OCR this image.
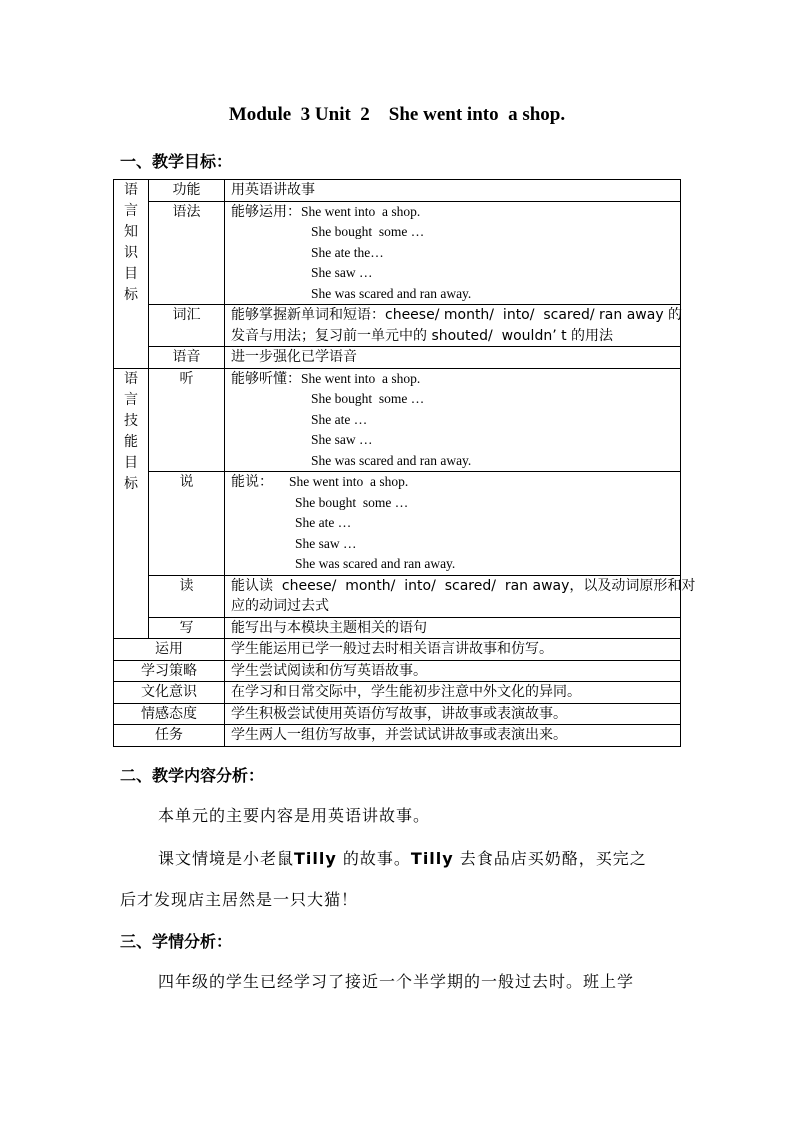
Module  3 Unit  2    She went into  a shop.
一、教学目标：
语言知识目标	功能	用英语讲故事
	语法	能够运用：She went into  a shop.
She bought  some …
She ate the…
She saw …
She was scared and ran away.

	词汇	能够掌握新单词和短语：cheese/ month/  into/  scared/ ran away 的
发音与用法；复习前一单元中的 shouted/  wouldn’ t 的用法

	语音	进一步强化已学语音

语言技能目标	听	能够听懂：She went into  a shop.
She bought  some …
She ate …
She saw …
She was scared and ran away.

	说	能说： She went into  a shop.
She bought  some …
She ate …
She saw …
She was scared and ran away.

	读	能认读  cheese/  month/  into/  scared/  ran away，以及动词原形和对
应的动词过去式

	写	能写出与本模块主题相关的语句
运用		学生能运用已学一般过去时相关语言讲故事和仿写。
学习策略		学生尝试阅读和仿写英语故事。
文化意识		在学习和日常交际中，学生能初步注意中外文化的异同。
情感态度		学生积极尝试使用英语仿写故事，讲故事或表演故事。
任务		学生两人一组仿写故事，并尝试试讲故事或表演出来。
二、教学内容分析：
本单元的主要内容是用英语讲故事。
课文情境是小老鼠Tilly 的故事。Tilly 去食品店买奶酪，买完之
后才发现店主居然是一只大猫！
三、学情分析：
四年级的学生已经学习了接近一个半学期的一般过去时。班上学
